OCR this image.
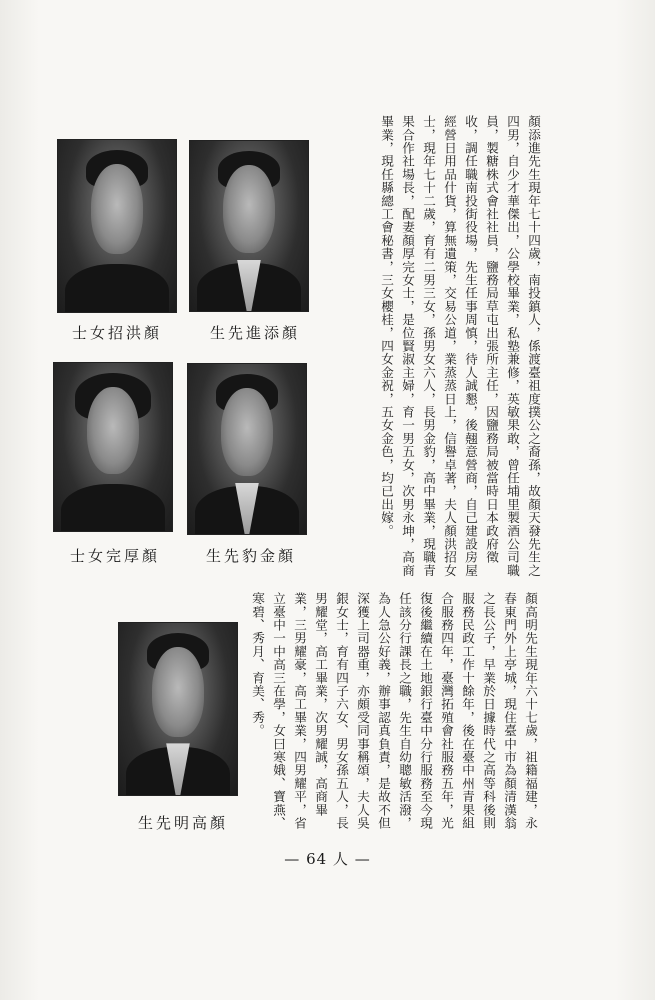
士女招洪顏	生先進添顏
士女完厚顏	生先豹金顏
生先明高顏
顏添進先生現年七十四歲，南投鎮人，係渡臺祖度撲公之裔孫，故顏天發先生之四男，自少才華傑出，公學校畢業，私塾兼修，英敏果敢，曾任埔里製酒公司職員，製糖株式會社社員，鹽務局草屯出張所主任，因鹽務局被當時日本政府徵收，調任職南投街役場，先生任事周慎，待人誠懇，後翹意營商，自己建設房屋經營日用品什貨，算無遺策，交易公道，業蒸蒸日上，信譽卓著，夫人顏洪招女士，現年七十二歲，育有二男三女，孫男女六人，長男金豹，高中畢業，現職青果合作社場長，配妻顏厚完女士，是位賢淑主婦，育一男五女，次男永坤，高商畢業，現任縣總工會秘書，三女櫻桂，四女金祝，五女金色，均已出嫁。
顏高明先生現年六十七歲，祖籍福建，永春東門外上亭城，現住臺中市為顏清漢翁之長公子，早業於日據時代之高等科後則服務民政工作十餘年，後在臺中州青果組合服務四年，臺灣拓殖會社服務五年，光復後繼續在土地銀行臺中分行服務至今現任該分行課長之職，先生自幼聰敏活潑，為人急公好義，辦事認真負責，是故不但深獲上司器重，亦頗受同事稱頌，夫人吳銀女士，育有四子六女、男女孫五人，長男耀堂，高工畢業，次男耀誠，高商畢業，三男耀豪，高工畢業，四男耀平，省立臺中一中高三在學，女曰寒娥、寶燕、寒碧、秀月、育美、秀。
— 64 人 —
